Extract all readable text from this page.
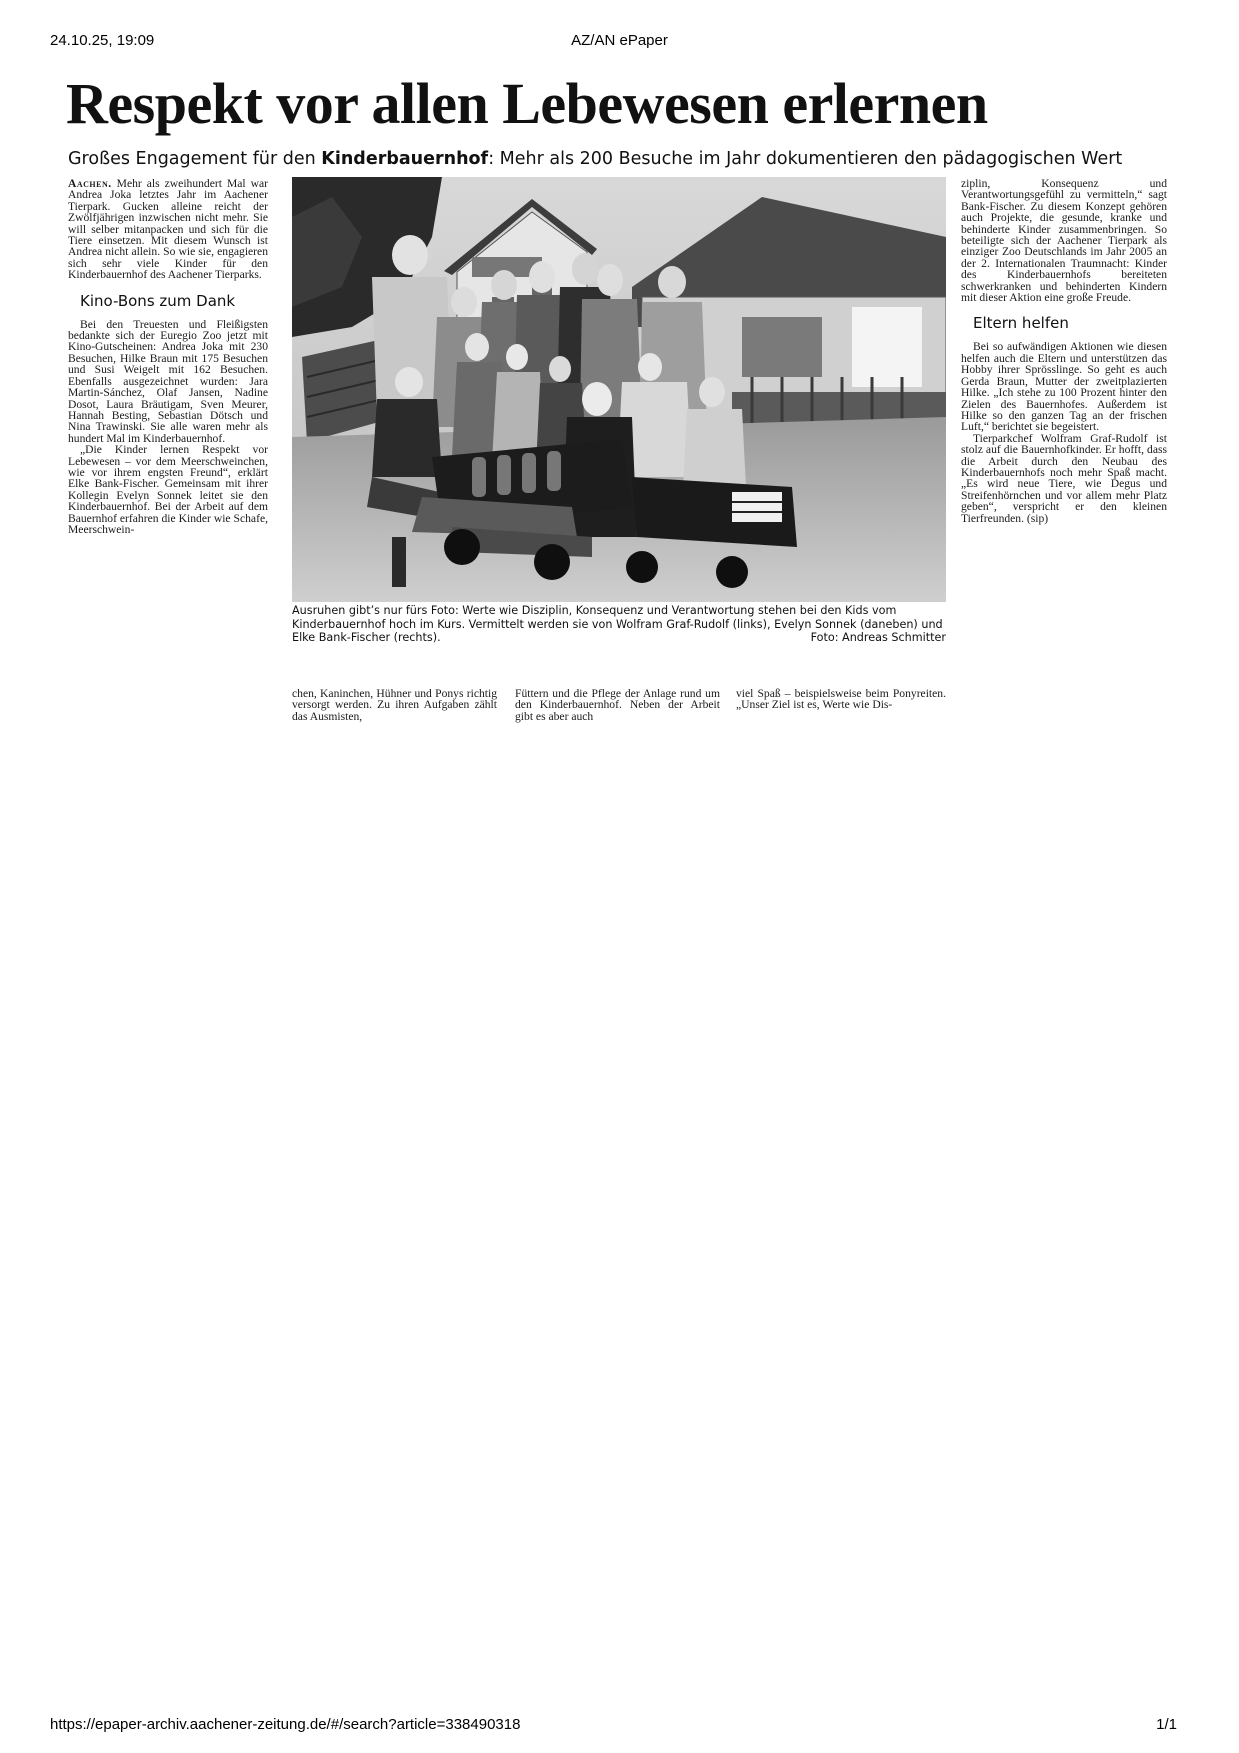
24.10.25, 19:09	AZ/AN ePaper
Respekt vor allen Lebewesen erlernen
Großes Engagement für den Kinderbauernhof: Mehr als 200 Besuche im Jahr dokumentieren den pädagogischen Wert

Aachen. Mehr als zweihundert Mal war Andrea Joka letztes Jahr im Aachener Tierpark. Gucken alleine reicht der Zwölfjährigen inzwischen nicht mehr. Sie will selber mitanpacken und sich für die Tiere einsetzen. Mit diesem Wunsch ist Andrea nicht allein. So wie sie, engagieren sich sehr viele Kinder für den Kinderbauernhof des Aachener Tierparks.

Kino-Bons zum Dank

Bei den Treuesten und Fleißigsten bedankte sich der Euregio Zoo jetzt mit Kino-Gutscheinen: Andrea Joka mit 230 Besuchen, Hilke Braun mit 175 Besuchen und Susi Weigelt mit 162 Besuchen. Ebenfalls ausgezeichnet wurden: Jara Martin-Sánchez, Olaf Jansen, Nadine Dosot, Laura Bräutigam, Sven Meurer, Hannah Besting, Sebastian Dötsch und Nina Trawinski. Sie alle waren mehr als hundert Mal im Kinderbauernhof.

„Die Kinder lernen Respekt vor Lebewesen – vor dem Meerschweinchen, wie vor ihrem engsten Freund“, erklärt Elke Bank-Fischer. Gemeinsam mit ihrer Kollegin Evelyn Sonnek leitet sie den Kinderbauernhof. Bei der Arbeit auf dem Bauernhof erfahren die Kinder wie Schafe, Meerschwein-

Ausruhen gibt’s nur fürs Foto: Werte wie Disziplin, Konsequenz und Verantwortung stehen bei den Kids vom Kinderbauernhof hoch im Kurs. Vermittelt werden sie von Wolfram Graf-Rudolf (links), Evelyn Sonnek (daneben) und Elke Bank-Fischer (rechts).	Foto: Andreas Schmitter

chen, Kaninchen, Hühner und Ponys richtig versorgt werden. Zu ihren Aufgaben zählt das Ausmisten,

Füttern und die Pflege der Anlage rund um den Kinderbauernhof. Neben der Arbeit gibt es aber auch

viel Spaß – beispielsweise beim Ponyreiten. „Unser Ziel ist es, Werte wie Dis-

ziplin, Konsequenz und Verantwortungsgefühl zu vermitteln,“ sagt Bank-Fischer. Zu diesem Konzept gehören auch Projekte, die gesunde, kranke und behinderte Kinder zusammenbringen. So beteiligte sich der Aachener Tierpark als einziger Zoo Deutschlands im Jahr 2005 an der 2. Internationalen Traumnacht: Kinder des Kinderbauernhofs bereiteten schwerkranken und behinderten Kindern mit dieser Aktion eine große Freude.

Eltern helfen

Bei so aufwändigen Aktionen wie diesen helfen auch die Eltern und unterstützen das Hobby ihrer Sprösslinge. So geht es auch Gerda Braun, Mutter der zweitplazierten Hilke. „Ich stehe zu 100 Prozent hinter den Zielen des Bauernhofes. Außerdem ist Hilke so den ganzen Tag an der frischen Luft,“ berichtet sie begeistert.

Tierparkchef Wolfram Graf-Rudolf ist stolz auf die Bauernhofkinder. Er hofft, dass die Arbeit durch den Neubau des Kinderbauernhofs noch mehr Spaß macht. „Es wird neue Tiere, wie Degus und Streifenhörnchen und vor allem mehr Platz geben“, verspricht er den kleinen Tierfreunden. (sip)

https://epaper-archiv.aachener-zeitung.de/#/search?article=338490318	1/1
